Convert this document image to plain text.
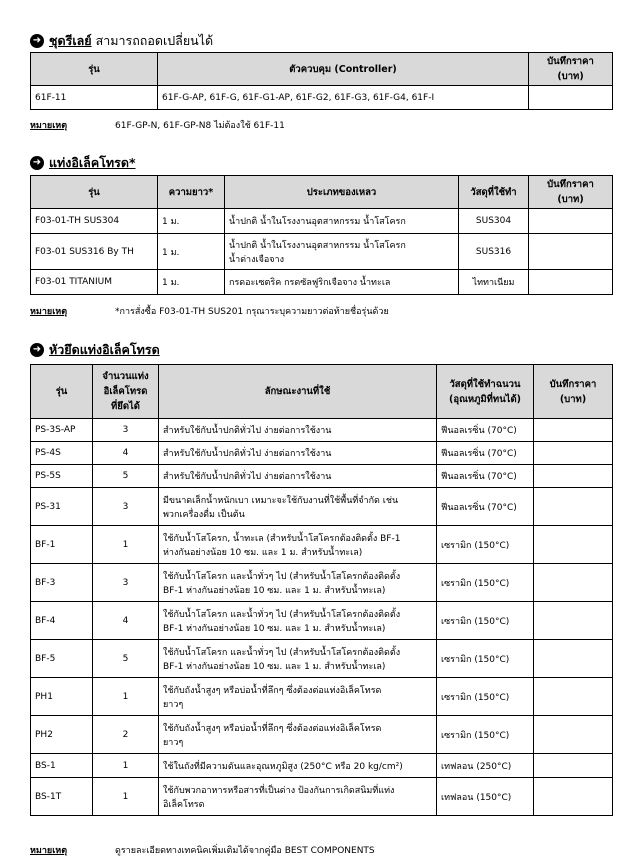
➜ ชุดรีเลย์ สามารถถอดเปลี่ยนได้
รุ่น	ตัวควบคุม (Controller)	บันทึกราคา
(บาท)
61F-11	61F-G-AP, 61F-G, 61F-G1-AP, 61F-G2, 61F-G3, 61F-G4, 61F-I	
หมายเหตุ	61F-GP-N, 61F-GP-N8 ไม่ต้องใช้ 61F-11
➜ แท่งอิเล็คโทรด*
รุ่น	ความยาว*	ประเภทของเหลว	วัสดุที่ใช้ทำ	บันทึกราคา
(บาท)
F03-01-TH SUS304	1 ม.	น้ำปกติ น้ำในโรงงานอุตสาหกรรม น้ำโสโครก	SUS304	
F03-01 SUS316 By TH	1 ม.	น้ำปกติ น้ำในโรงงานอุตสาหกรรม น้ำโสโครก
น้ำด่างเจือจาง	SUS316	
F03-01 TITANIUM	1 ม.	กรดอะเซตริค กรดซัลฟูริกเจือจาง น้ำทะเล	ไททาเนียม	
หมายเหตุ	*การสั่งซื้อ F03-01-TH SUS201 กรุณาระบุความยาวต่อท้ายชื่อรุ่นด้วย
➜ หัวยึดแท่งอิเล็คโทรด
รุ่น	จำนวนแท่ง
อิเล็คโทรด
ที่ยึดได้	ลักษณะงานที่ใช้	วัสดุที่ใช้ทำฉนวน
(อุณหภูมิที่ทนได้)	บันทึกราคา
(บาท)
PS-3S-AP	3	สำหรับใช้กับน้ำปกติทั่วไป ง่ายต่อการใช้งาน	ฟีนอลเรซิ่น (70°C)	
PS-4S	4	สำหรับใช้กับน้ำปกติทั่วไป ง่ายต่อการใช้งาน	ฟีนอลเรซิ่น (70°C)	
PS-5S	5	สำหรับใช้กับน้ำปกติทั่วไป ง่ายต่อการใช้งาน	ฟีนอลเรซิ่น (70°C)	
PS-31	3	มีขนาดเล็กน้ำหนักเบา เหมาะจะใช้กับงานที่ใช้พื้นที่จำกัด เช่น
พวกเครื่องดื่ม เป็นต้น	ฟีนอลเรซิ่น (70°C)	
BF-1	1	ใช้กับน้ำโสโครก, น้ำทะเล (สำหรับน้ำโสโครกต้องติดตั้ง BF-1
ห่างกันอย่างน้อย 10 ซม. และ 1 ม. สำหรับน้ำทะเล)	เซรามิก (150°C)	
BF-3	3	ใช้กับน้ำโสโครก และน้ำทั่วๆ ไป (สำหรับน้ำโสโครกต้องติดตั้ง
BF-1 ห่างกันอย่างน้อย 10 ซม. และ 1 ม. สำหรับน้ำทะเล)	เซรามิก (150°C)	
BF-4	4	ใช้กับน้ำโสโครก และน้ำทั่วๆ ไป (สำหรับน้ำโสโครกต้องติดตั้ง
BF-1 ห่างกันอย่างน้อย 10 ซม. และ 1 ม. สำหรับน้ำทะเล)	เซรามิก (150°C)	
BF-5	5	ใช้กับน้ำโสโครก และน้ำทั่วๆ ไป (สำหรับน้ำโสโครกต้องติดตั้ง
BF-1 ห่างกันอย่างน้อย 10 ซม. และ 1 ม. สำหรับน้ำทะเล)	เซรามิก (150°C)	
PH1	1	ใช้กับถังน้ำสูงๆ หรือบ่อน้ำที่ลึกๆ ซึ่งต้องต่อแท่งอิเล็คโทรด
ยาวๆ	เซรามิก (150°C)	
PH2	2	ใช้กับถังน้ำสูงๆ หรือบ่อน้ำที่ลึกๆ ซึ่งต้องต่อแท่งอิเล็คโทรด
ยาวๆ	เซรามิก (150°C)	
BS-1	1	ใช้ในถังที่มีความดันและอุณหภูมิสูง (250°C หรือ 20 kg/cm²)	เทฟลอน (250°C)	
BS-1T	1	ใช้กับพวกอาหารหรือสารที่เป็นด่าง ป้องกันการเกิดสนิมที่แท่ง
อิเล็คโทรด	เทฟลอน (150°C)	
หมายเหตุ	ดูรายละเอียดทางเทคนิคเพิ่มเติมได้จากคู่มือ BEST COMPONENTS
